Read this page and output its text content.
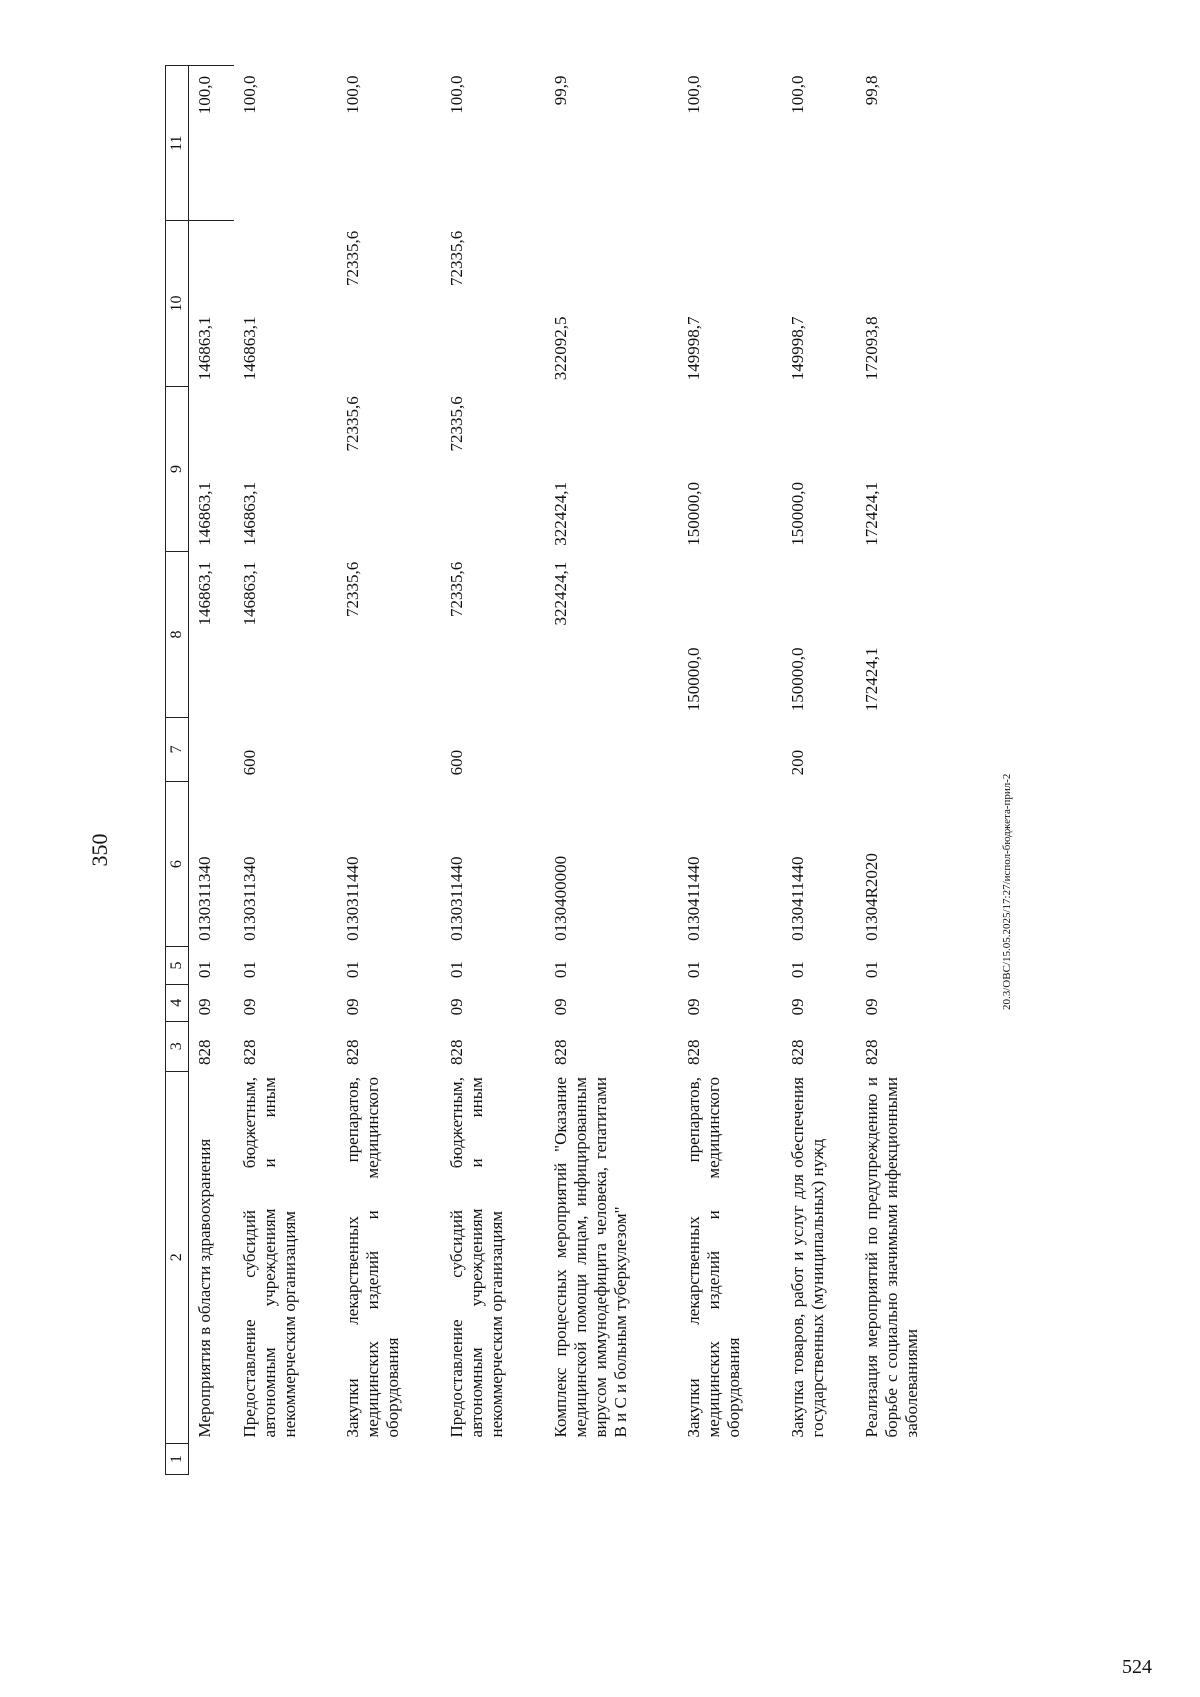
350
1	2	3	4	5	6	7	8	9	10	11
	Мероприятия в области здравоохранения	828	09	01	0130311340		146863,1	146863,1	146863,1	100,0
	Предоставление субсидий бюджетным, автономным учреждениям и иным некоммерческим организациям	828	09	01	0130311340	600	146863,1	146863,1	146863,1	100,0
	Закупки лекарственных препаратов, медицинских изделий и медицинского оборудования	828	09	01	0130311440		72335,6	72335,6	72335,6	100,0
	Предоставление субсидий бюджетным, автономным учреждениям и иным некоммерческим организациям	828	09	01	0130311440	600	72335,6	72335,6	72335,6	100,0
	Комплекс процессных мероприятий "Оказание медицинской помощи лицам, инфицированным вирусом иммунодефицита человека, гепатитами В и С и больным туберкулезом"	828	09	01	0130400000		322424,1	322424,1	322092,5	99,9
	Закупки лекарственных препаратов, медицинских изделий и медицинского оборудования	828	09	01	0130411440		150000,0	150000,0	149998,7	100,0
	Закупка товаров, работ и услуг для обеспечения государственных (муниципальных) нужд	828	09	01	0130411440	200	150000,0	150000,0	149998,7	100,0
	Реализация мероприятий по предупреждению и борьбе с социально значимыми инфекционными заболеваниями	828	09	01	01304R2020		172424,1	172424,1	172093,8	99,8
20.3/ОВС/15.05.2025/17:27/испол-бюджета-прил-2
524
